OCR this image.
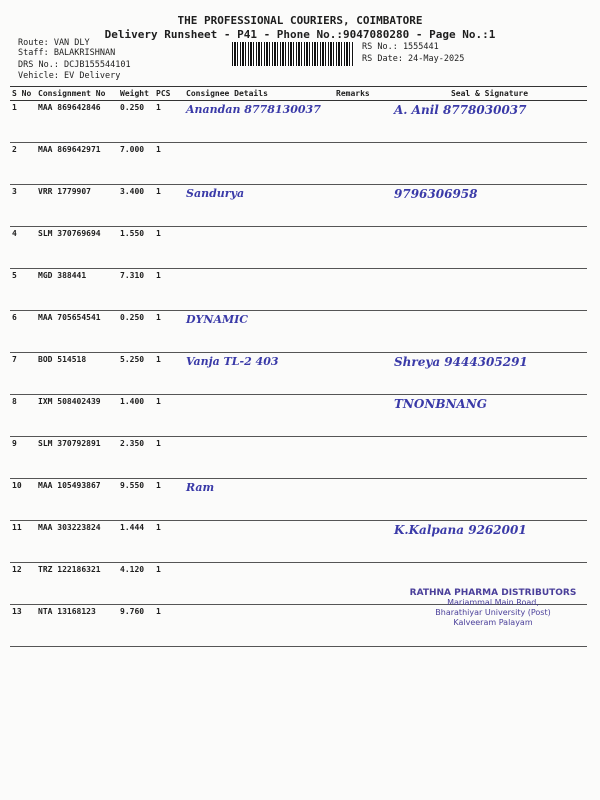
THE PROFESSIONAL COURIERS, COIMBATORE
Delivery Runsheet - P41 - Phone No.:9047080280 - Page No.:1
Route: VAN DLY
Staff: BALAKRISHNAN
DRS No.: DCJB155544101
Vehicle: EV Delivery
RS No.: 1555441
RS Date: 24-May-2025
S No	Consignment No	Weight	PCS	Consignee Details	Remarks	Seal & Signature
1	MAA 869642846	0.250	1	Anandan 8778130037		A. Anil 8778030037
2	MAA 869642971	7.000	1			
3	VRR 1779907	3.400	1	Sandurya		9796306958
4	SLM 370769694	1.550	1			
5	MGD 388441	7.310	1			
6	MAA 705654541	0.250	1	DYNAMIC		
7	BOD 514518	5.250	1	Vanja TL-2 403		Shreya 9444305291
8	IXM 508402439	1.400	1			TNONBNANG
9	SLM 370792891	2.350	1			
10	MAA 105493867	9.550	1	Ram		
11	MAA 303223824	1.444	1			K.Kalpana 9262001
12	TRZ 122186321	4.120	1			
13	NTA 13168123	9.760	1			
RATHNA PHARMA DISTRIBUTORS
Mariammal Main Road,
Bharathiyar University (Post)
Kalveeram Palayam
